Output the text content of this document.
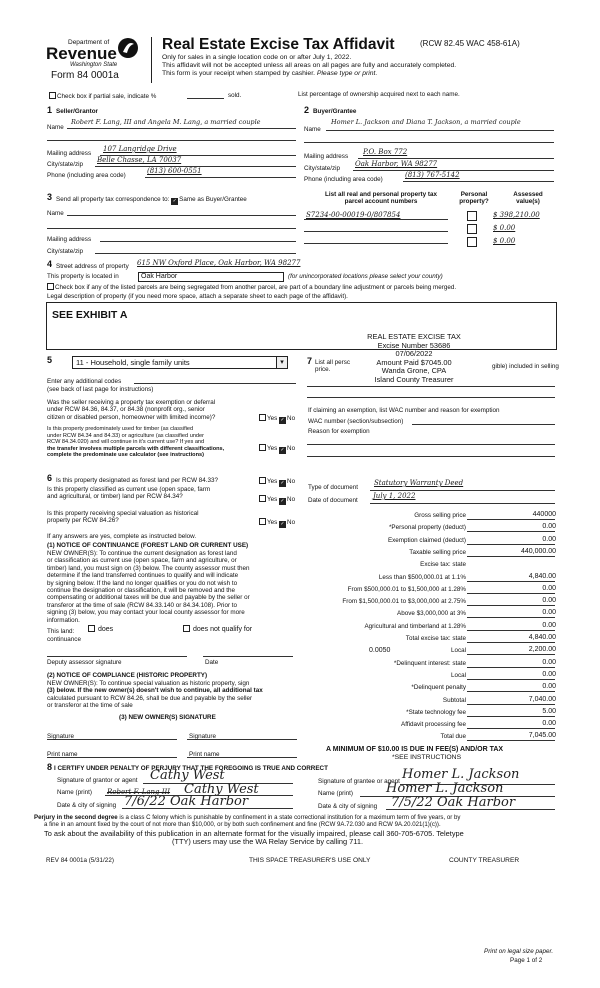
Department of
Revenue
Washington State
Form 84 0001a
Real Estate Excise Tax Affidavit	(RCW 82.45 WAC 458-61A)
Only for sales in a single location code on or after July 1, 2022.
This affidavit will not be accepted unless all areas on all pages are fully and accurately completed.
This form is your receipt when stamped by cashier. Please type or print.
Check box if partial sale, indicate %	sold.	List percentage of ownership acquired next to each name.
1 Seller/Grantor
Name
Robert F. Lang, III and Angela M. Lang, a married couple
Mailing address
107 Langridge Drive
City/state/zip
Belle Chasse, LA 70037
Phone (including area code)
(813) 600-0551
2 Buyer/Grantee
Name
Homer L. Jackson and Diana T. Jackson, a married couple
Mailing address
P.O. Box 772
City/state/zip
Oak Harbor, WA 98277
Phone (including area code)
(813) 767-5142
3 Send all property tax correspondence to: ✓ Same as Buyer/Grantee
Name
Mailing address
City/state/zip
List all real and personal property tax
parcel account numbers
Personal
property?
Assessed
value(s)
S7234-00-00019-0/807854	$ 398,210.00
$ 0.00
$ 0.00
4 Street address of property 615 NW Oxford Place, Oak Harbor, WA 98277
This property is located in	Oak Harbor	(for unincorporated locations please select your county)
Check box if any of the listed parcels are being segregated from another parcel, are part of a boundary line adjustment or parcels being merged.
Legal description of property (if you need more space, attach a separate sheet to each page of the affidavit).
SEE EXHIBIT A
REAL ESTATE EXCISE TAX
Excise Number 53686
07/06/2022
Amount Paid $7045.00
Wanda Grone, CPA
Island County Treasurer
5	11 - Household, single family units	▾
Enter any additional codes
(see back of last page for instructions)
Was the seller receiving a property tax exemption or deferral
under RCW 84.36, 84.37, or 84.38 (nonprofit org., senior
citizen or disabled person, homeowner with limited income)?	Yes ✓ No
Is this property predominately used for timber (as classified
under RCW 84.34 and 84.33) or agriculture (as classified under
RCW 84.34.020) and will continue in it's current use? If yes and
the transfer involves multiple parcels with different classifications,
complete the predominate use calculator (see instructions)
Yes ✓ No
7 List all persc
price.	gible) included in selling
If claiming an exemption, list WAC number and reason for exemption
WAC number (section/subsection)
Reason for exemption
6 Is this property designated as forest land per RCW 84.33?	Yes ✓ No
Is this property classified as current use (open space, farm
and agricultural, or timber) land per RCW 84.34?	Yes ✓ No
Is this property receiving special valuation as historical
property per RCW 84.26?	Yes ✓ No
If any answers are yes, complete as instructed below.
(1) NOTICE OF CONTINUANCE (FOREST LAND OR CURRENT USE)
NEW OWNER(S): To continue the current designation as forest land
or classification as current use (open space, farm and agriculture, or
timber) land, you must sign on (3) below. The county assessor must then
determine if the land transferred continues to qualify and will indicate
by signing below. If the land no longer qualifies or you do not wish to
continue the designation or classification, it will be removed and the
compensating or additional taxes will be due and payable by the seller or
transferor at the time of sale (RCW 84.33.140 or 84.34.108). Prior to
signing (3) below, you may contact your local county assessor for more
information.
This land:	does	does not qualify for
continuance
Deputy assessor signature	Date
(2) NOTICE OF COMPLIANCE (HISTORIC PROPERTY)
NEW OWNER(S): To continue special valuation as historic property, sign
(3) below. If the new owner(s) doesn't wish to continue, all additional tax
calculated pursuant to RCW 84.26, shall be due and payable by the seller
or transferor at the time of sale
(3) NEW OWNER(S) SIGNATURE
Signature	Signature
Print name	Print name
Type of document
Statutory Warranty Deed
Date of document
July 1, 2022
Gross selling price	440000
*Personal property (deduct)	0.00
Exemption claimed (deduct)	0.00
Taxable selling price	440,000.00
Excise tax: state
Less than $500,000.01 at 1.1%	4,840.00
From $500,000.01 to $1,500,000 at 1.28%	0.00
From $1,500,000.01 to $3,000,000 at 2.75%	0.00
Above $3,000,000 at 3%	0.00
Agricultural and timberland at 1.28%	0.00
Total excise tax: state	4,840.00
Local	2,200.00
0.0050
*Delinquent interest: state	0.00
Local	0.00
*Delinquent penalty	0.00
Subtotal	7,040.00
*State technology fee	5.00
Affidavit processing fee	0.00
Total due	7,045.00
A MINIMUM OF $10.00 IS DUE IN FEE(S) AND/OR TAX
*SEE INSTRUCTIONS
8 I CERTIFY UNDER PENALTY OF PERJURY THAT THE FOREGOING IS TRUE AND CORRECT
Signature of grantor or agent Cathy West
Name (print) Robert F. Lang III Cathy West
Date & city of signing 7/6/22 Oak Harbor
Signature of grantee or agent Homer L. Jackson
Name (print)	Homer L. Jackson
Date & city of signing 7/5/22 Oak Harbor
Perjury in the second degree is a class C felony which is punishable by confinement in a state correctional institution for a maximum term of five years, or by
a fine in an amount fixed by the court of not more than $10,000, or by both such confinement and fine (RCW 9A.72.030 and RCW 9A.20.021(1)(c)).
To ask about the availability of this publication in an alternate format for the visually impaired, please call 360-705-6705. Teletype
(TTY) users may use the WA Relay Service by calling 711.
REV 84 0001a (5/31/22)	THIS SPACE TREASURER'S USE ONLY	COUNTY TREASURER
Print on legal size paper.
Page 1 of 2
